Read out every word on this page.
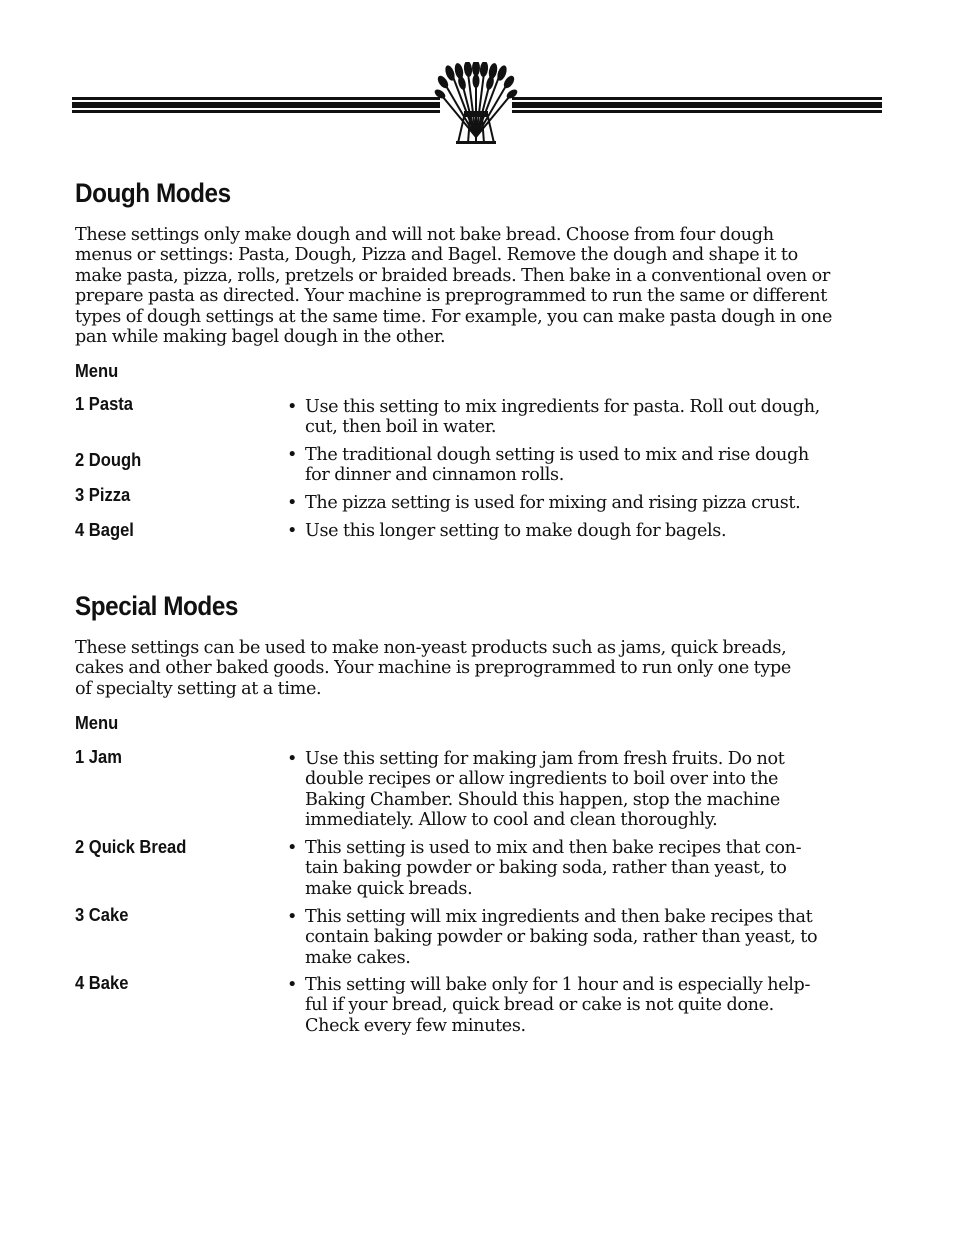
Dough Modes

These settings only make dough and will not bake bread. Choose from four dough
menus or settings: Pasta, Dough, Pizza and Bagel. Remove the dough and shape it to
make pasta, pizza, rolls, pretzels or braided breads. Then bake in a conventional oven or
prepare pasta as directed. Your machine is preprogrammed to run the same or different
types of dough settings at the same time. For example, you can make pasta dough in one
pan while making bagel dough in the other.

Menu

1 Pasta	• Use this setting to mix ingredients for pasta. Roll out dough,
cut, then boil in water.

2 Dough	• The traditional dough setting is used to mix and rise dough
for dinner and cinnamon rolls.

3 Pizza	• The pizza setting is used for mixing and rising pizza crust.

4 Bagel	• Use this longer setting to make dough for bagels.
Special Modes

These settings can be used to make non-yeast products such as jams, quick breads,
cakes and other baked goods. Your machine is preprogrammed to run only one type
of specialty setting at a time.

Menu

1 Jam	• Use this setting for making jam from fresh fruits. Do not
double recipes or allow ingredients to boil over into the
Baking Chamber. Should this happen, stop the machine
immediately. Allow to cool and clean thoroughly.

2 Quick Bread	• This setting is used to mix and then bake recipes that con-
tain baking powder or baking soda, rather than yeast, to
make quick breads.

3 Cake	• This setting will mix ingredients and then bake recipes that
contain baking powder or baking soda, rather than yeast, to
make cakes.

4 Bake	• This setting will bake only for 1 hour and is especially help-
ful if your bread, quick bread or cake is not quite done.
Check every few minutes.
